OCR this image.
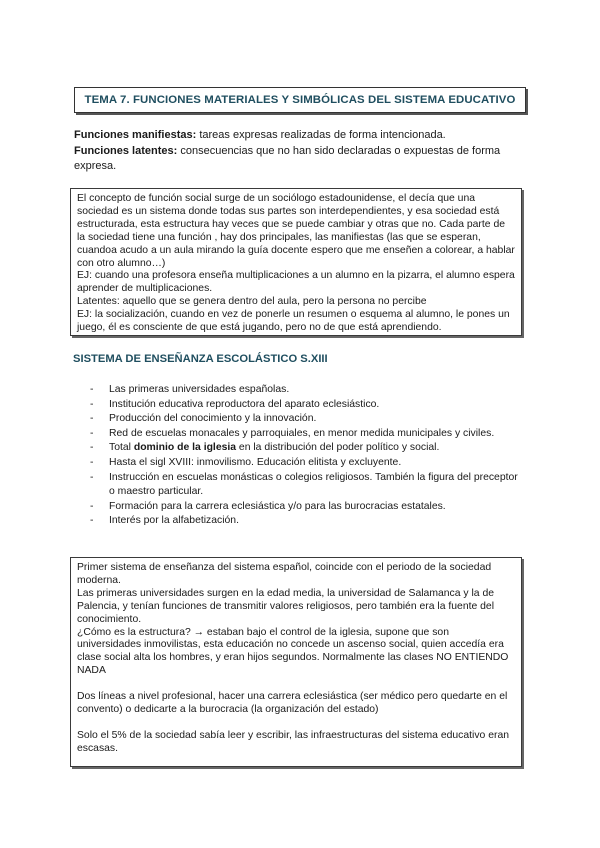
TEMA 7. FUNCIONES MATERIALES Y SIMBÓLICAS DEL SISTEMA EDUCATIVO

Funciones manifiestas: tareas expresas realizadas de forma intencionada.

Funciones latentes: consecuencias que no han sido declaradas o expuestas de forma expresa.

El concepto de función social surge de un sociólogo estadounidense, el decía que una sociedad es un sistema donde todas sus partes son interdependientes, y esa sociedad está estructurada, esta estructura hay veces que se puede cambiar y otras que no. Cada parte de la sociedad tiene una función , hay dos principales, las manifiestas (las que se esperan, cuandoa acudo a un aula mirando la guía docente espero que me enseñen a colorear, a hablar con otro alumno…)

EJ: cuando una profesora enseña multiplicaciones a un alumno en la pizarra, el alumno espera aprender de multiplicaciones.

Latentes: aquello que se genera dentro del aula, pero la persona no percibe

EJ: la socialización, cuando en vez de ponerle un resumen o esquema al alumno, le pones un juego, él es consciente de que está jugando, pero no de que está aprendiendo.

SISTEMA DE ENSEÑANZA ESCOLÁSTICO S.XIII
- Las primeras universidades españolas.
- Institución educativa reproductora del aparato eclesiástico.
- Producción del conocimiento y la innovación.
- Red de escuelas monacales y parroquiales, en menor medida municipales y civiles.
- Total dominio de la iglesia en la distribución del poder político y social.
- Hasta el sigl XVIII: inmovilismo. Educación elitista y excluyente.
- Instrucción en escuelas monásticas o colegios religiosos. También la figura del preceptor o maestro particular.
- Formación para la carrera eclesiástica y/o para las burocracias estatales.
- Interés por la alfabetización.

Primer sistema de enseñanza del sistema español, coincide con el periodo de la sociedad moderna.

Las primeras universidades surgen en la edad media, la universidad de Salamanca y la de Palencia, y tenían funciones de transmitir valores religiosos, pero también era la fuente del conocimiento.

¿Cómo es la estructura? → estaban bajo el control de la iglesia, supone que son universidades inmovilistas, esta educación no concede un ascenso social, quien accedía era clase social alta los hombres, y eran hijos segundos. Normalmente las clases NO ENTIENDO NADA

Dos líneas a nivel profesional, hacer una carrera eclesiástica (ser médico pero quedarte en el convento) o dedicarte a la burocracia (la organización del estado)

Solo el 5% de la sociedad sabía leer y escribir, las infraestructuras del sistema educativo eran escasas.
